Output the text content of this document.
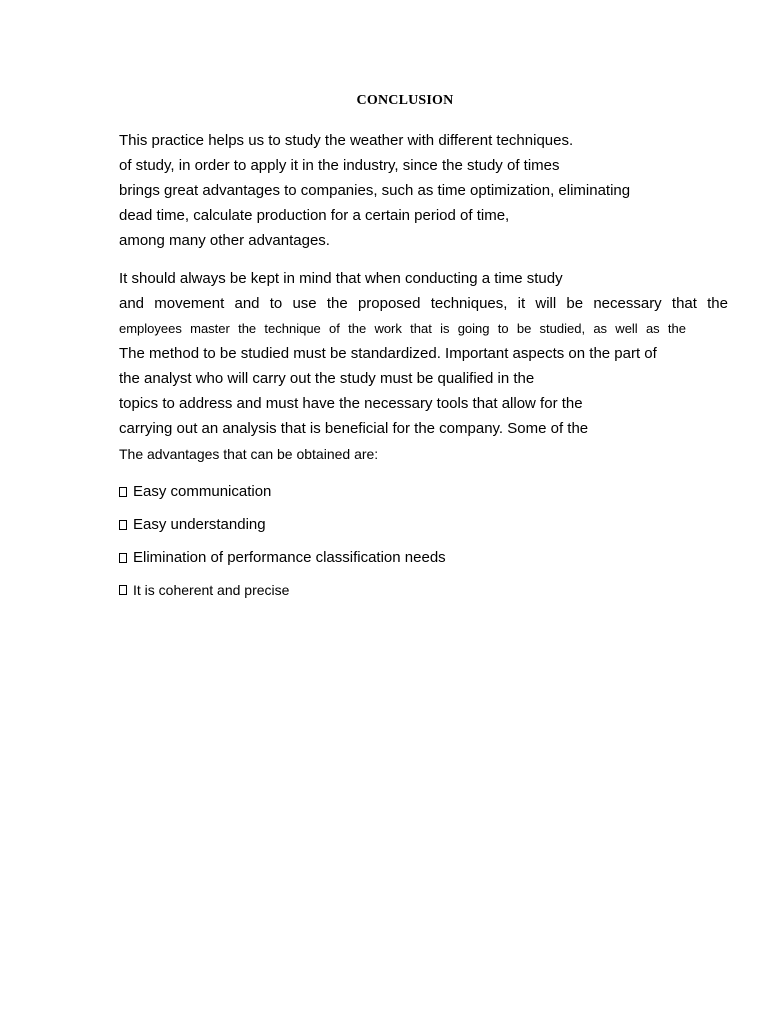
CONCLUSION
This practice helps us to study the weather with different techniques.
of study, in order to apply it in the industry, since the study of times
brings great advantages to companies, such as time optimization, eliminating
dead time, calculate production for a certain period of time,
among many other advantages.
It should always be kept in mind that when conducting a time study
and movement and to use the proposed techniques, it will be necessary that the
employees master the technique of the work that is going to be studied, as well as the
The method to be studied must be standardized. Important aspects on the part of
the analyst who will carry out the study must be qualified in the
topics to address and must have the necessary tools that allow for the
carrying out an analysis that is beneficial for the company. Some of the
The advantages that can be obtained are:
Easy communication
Easy understanding
Elimination of performance classification needs
It is coherent and precise
